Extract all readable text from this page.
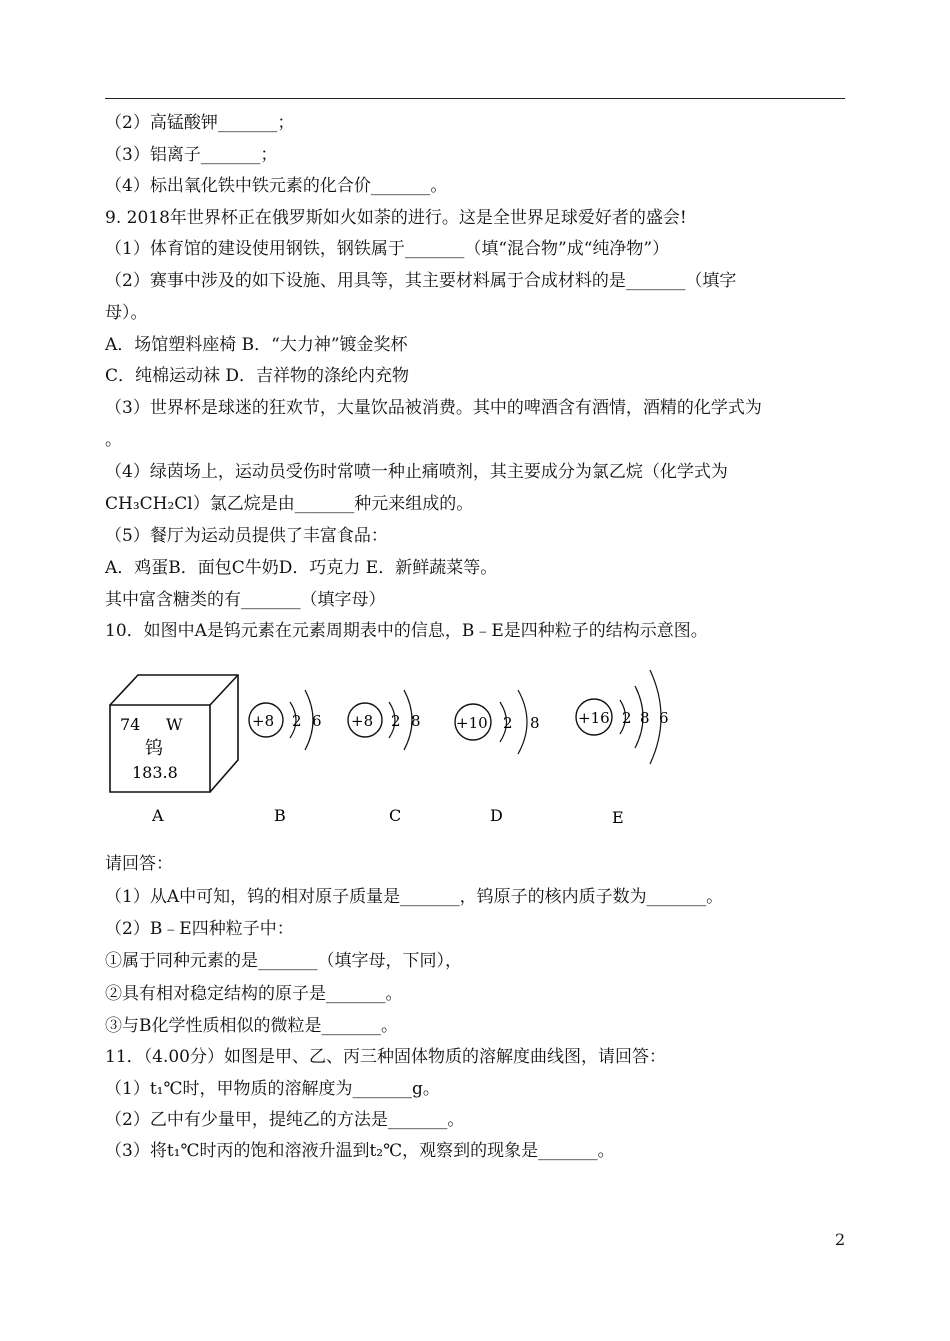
（2）高锰酸钾_______；
（3）铝离子_______；
（4）标出氧化铁中铁元素的化合价_______。
9. 2018年世界杯正在俄罗斯如火如荼的进行。这是全世界足球爱好者的盛会!
（1）体育馆的建设使用钢铁，钢铁属于_______（填“混合物”成“纯净物”）
（2）赛事中涉及的如下设施、用具等，其主要材料属于合成材料的是_______（填字
母）。
A．场馆塑料座椅 B．“大力神”镀金奖杯
C．纯棉运动袜 D．吉祥物的涤纶内充物
（3）世界杯是球迷的狂欢节，大量饮品被消费。其中的啤酒含有酒情，酒精的化学式为
。
（4）绿茵场上，运动员受伤时常喷一种止痛喷剂，其主要成分为氯乙烷（化学式为
CH₃CH₂Cl）氯乙烷是由_______种元来组成的。
（5）餐厅为运动员提供了丰富食品：
A．鸡蛋B．面包C牛奶D．巧克力 E．新鲜蔬菜等。
其中富含糖类的有_______（填字母）
10．如图中A是钨元素在元素周期表中的信息，B﹣E是四种粒子的结构示意图。
74 W
钨
183.8
A
+8 2 6
B
+8 2 8
C
+10 2 8
D
+16 2 8 6
E
请回答：
（1）从A中可知，钨的相对原子质量是_______，钨原子的核内质子数为_______。
（2）B﹣E四种粒子中：
①属于同种元素的是_______（填字母，下同），
②具有相对稳定结构的原子是_______。
③与B化学性质相似的微粒是_______。
11．（4.00分）如图是甲、乙、丙三种固体物质的溶解度曲线图，请回答：
（1）t₁℃时，甲物质的溶解度为_______g。
（2）乙中有少量甲，提纯乙的方法是_______。
（3）将t₁℃时丙的饱和溶液升温到t₂℃，观察到的现象是_______。
2
